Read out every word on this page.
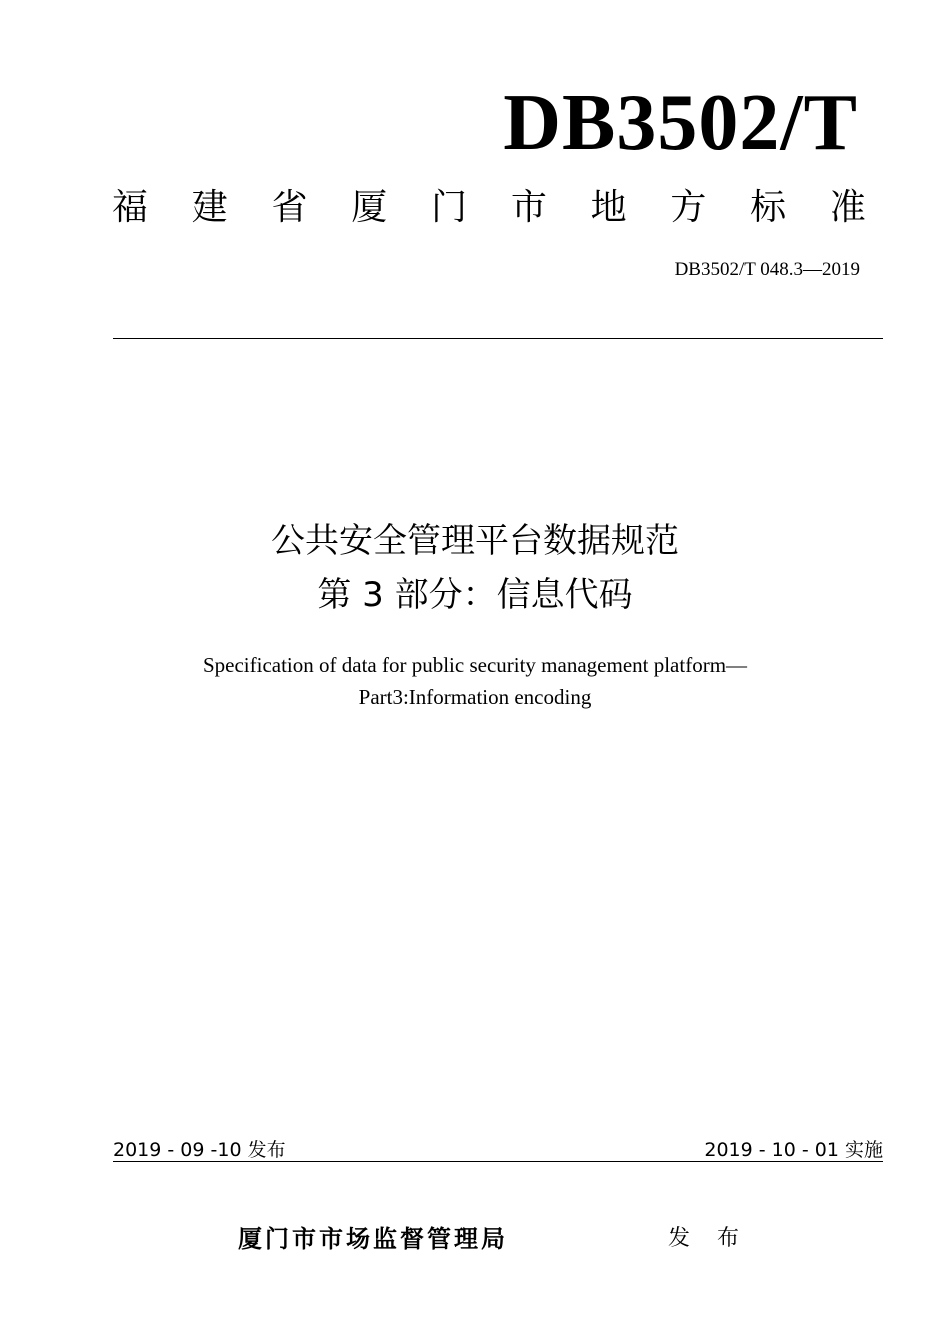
DB3502/T
福 建 省 厦 门 市 地 方 标 准
DB3502/T 048.3—2019
公共安全管理平台数据规范
第 3 部分：信息代码
Specification of data for public security management platform—
Part3:Information encoding
2019 - 09 -10 发布	2019 - 10 - 01 实施
厦门市市场监督管理局	发 布
